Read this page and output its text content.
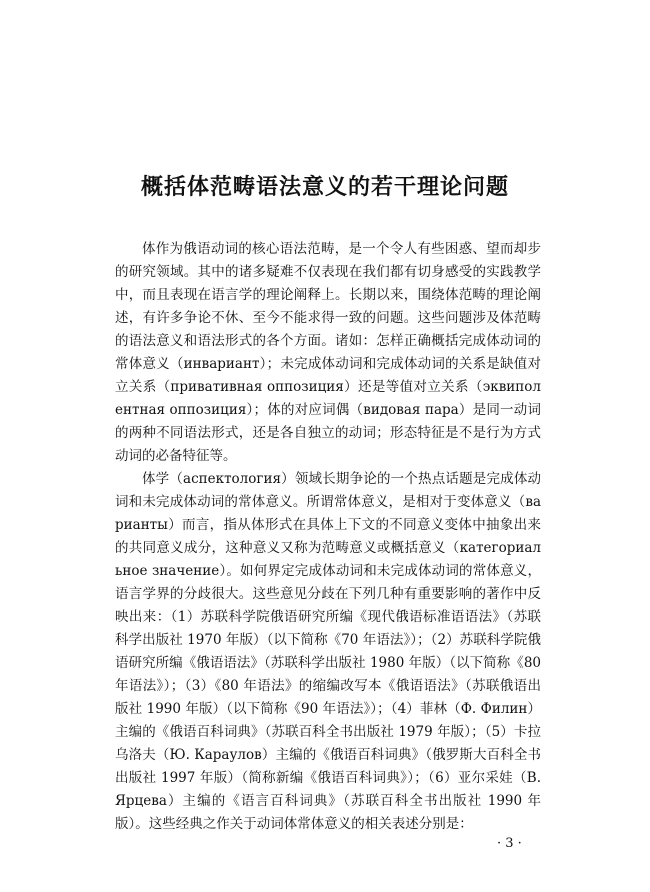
概括体范畴语法意义的若干理论问题

体作为俄语动词的核心语法范畴，是一个令人有些困惑、望而却步的研究领域。其中的诸多疑难不仅表现在我们都有切身感受的实践教学中，而且表现在语言学的理论阐释上。长期以来，围绕体范畴的理论阐述，有许多争论不休、至今不能求得一致的问题。这些问题涉及体范畴的语法意义和语法形式的各个方面。诸如：怎样正确概括完成体动词的常体意义（инвариант）；未完成体动词和完成体动词的关系是缺值对立关系（привативная оппозиция）还是等值对立关系（эквиполентная оппозиция）；体的对应词偶（видовая пара）是同一动词的两种不同语法形式，还是各自独立的动词；形态特征是不是行为方式动词的必备特征等。

体学（аспектология）领域长期争论的一个热点话题是完成体动词和未完成体动词的常体意义。所谓常体意义，是相对于变体意义（варианты）而言，指从体形式在具体上下文的不同意义变体中抽象出来的共同意义成分，这种意义又称为范畴意义或概括意义（категориальное значение）。如何界定完成体动词和未完成体动词的常体意义，语言学界的分歧很大。这些意见分歧在下列几种有重要影响的著作中反映出来：（1）苏联科学院俄语研究所编《现代俄语标准语语法》（苏联科学出版社 1970 年版）（以下简称《70 年语法》）；（2）苏联科学院俄语研究所编《俄语语法》（苏联科学出版社 1980 年版）（以下简称《80 年语法》）；（3）《80 年语法》的缩编改写本《俄语语法》（苏联俄语出版社 1990 年版）（以下简称《90 年语法》）；（4）菲林（Ф. Филин）主编的《俄语百科词典》（苏联百科全书出版社 1979 年版）；（5）卡拉乌洛夫（Ю. Караулов）主编的《俄语百科词典》（俄罗斯大百科全书出版社 1997 年版）（简称新编《俄语百科词典》）；（6）亚尔采娃（В. Ярцева）主编的《语言百科词典》（苏联百科全书出版社 1990 年版）。这些经典之作关于动词体常体意义的相关表述分别是：

· 3 ·
